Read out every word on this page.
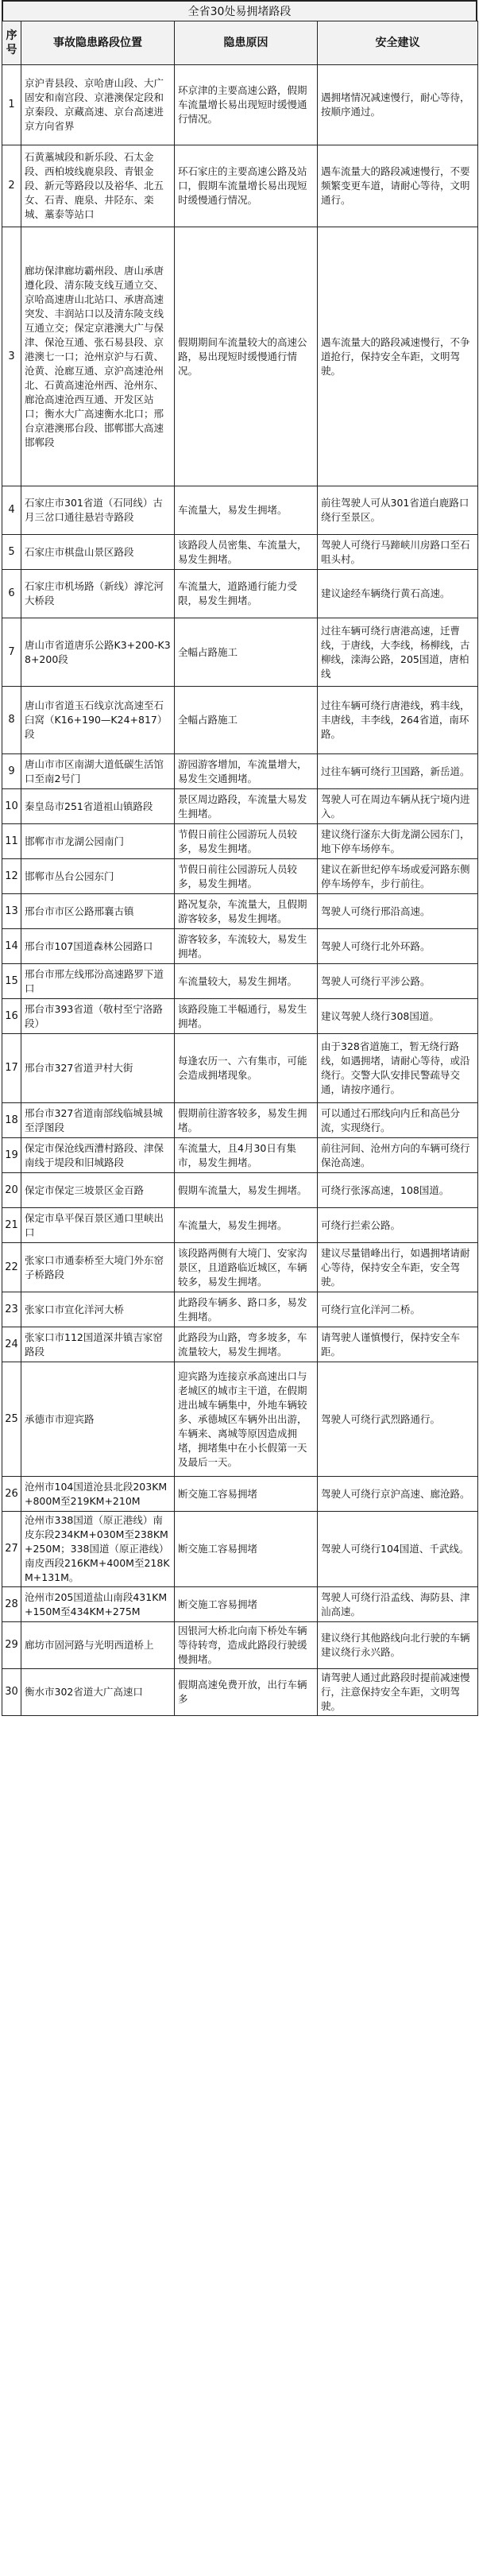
全省30处易拥堵路段
序号	事故隐患路段位置	隐患原因	安全建议
1	京沪青县段、京哈唐山段、大广固安和南宫段、京港澳保定段和京秦段、京藏高速、京台高速进京方向省界	环京津的主要高速公路，假期车流量增长易出现短时缓慢通行情况。	遇拥堵情况减速慢行，耐心等待，按顺序通过。
2	石黄藁城段和新乐段、石太金段、西柏坡线鹿泉段、青银金段、新元等路段以及裕华、北五女、石青、鹿泉、井陉东、栾城、藁泰等站口	环石家庄的主要高速公路及站口，假期车流量增长易出现短时缓慢通行情况。	遇车流量大的路段减速慢行，不要频繁变更车道，请耐心等待，文明通行。
3	廊坊保津廊坊霸州段、唐山承唐遵化段、清东陵支线互通立交、京哈高速唐山北站口、承唐高速突发、丰润站口以及清东陵支线互通立交；保定京港澳大广与保津、保沧互通、张石易县段、京港澳七一口；沧州京沪与石黄、沧黄、沧廊互通、京沪高速沧州北、石黄高速沧州西、沧州东、廊沧高速沧西互通、开发区站口；衡水大广高速衡水北口；邢台京港澳邢台段、邯郸邯大高速邯郸段	假期期间车流量较大的高速公路，易出现短时缓慢通行情况。	遇车流量大的路段减速慢行，不争道抢行，保持安全车距，文明驾驶。
4	石家庄市301省道（石同线）古月三岔口通往悬岩寺路段	车流量大，易发生拥堵。	前往驾驶人可从301省道白鹿路口绕行至景区。
5	石家庄市棋盘山景区路段	该路段人员密集、车流量大，易发生拥堵。	驾驶人可绕行马蹄峡川房路口至石咀头村。
6	石家庄市机场路（新线）滹沱河大桥段	车流量大，道路通行能力受限，易发生拥堵。	建议途经车辆绕行黄石高速。
7	唐山市省道唐乐公路K3+200-K38+200段	全幅占路施工	过往车辆可绕行唐港高速，迁曹线，于唐线，大李线，杨柳线，古柳线，滦海公路，205国道，唐柏线
8	唐山市省道玉石线京沈高速至石臼窝（K16+190—K24+817）段	全幅占路施工	过往车辆可绕行唐港线，鸦丰线，丰唐线，丰李线，264省道，南环路。
9	唐山市市区南湖大道低碳生活馆口至南2号门	游园游客增加，车流量增大，易发生交通拥堵。	过往车辆可绕行卫国路，新岳道。
10	秦皇岛市251省道祖山镇路段	景区周边路段，车流量大易发生拥堵。	驾驶人可在周边车辆从抚宁境内进入。
11	邯郸市市龙湖公园南门	节假日前往公园游玩人员较多，易发生拥堵。	建议绕行滏东大街龙湖公园东门，地下停车场停车。
12	邯郸市丛台公园东门	节假日前往公园游玩人员较多，易发生拥堵。	建议在新世纪停车场或爱河路东侧停车场停车，步行前往。
13	邢台市市区公路邢襄古镇	路况复杂，车流量大，且假期游客较多，易发生拥堵。	驾驶人可绕行邢沿高速。
14	邢台市107国道森林公园路口	游客较多，车流较大，易发生拥堵。	驾驶人可绕行北外环路。
15	邢台市邢左线邢汾高速路罗下道口	车流量较大，易发生拥堵。	驾驶人可绕行平涉公路。
16	邢台市393省道（敬村至宁洛路段）	该路段施工半幅通行，易发生拥堵。	建议驾驶人绕行308国道。
17	邢台市327省道尹村大街	每逢农历一、六有集市，可能会造成拥堵现象。	由于328省道施工，暂无绕行路线，如遇拥堵，请耐心等待，或沿绕行。交警大队安排民警疏导交通，请按序通行。
18	邢台市327省道南部线临城县城至浮图段	假期前往游客较多，易发生拥堵。	可以通过石邢线向内丘和高邑分流，实现绕行。
19	保定市保沧线西漕村路段、津保南线于堤段和旧城路段	车流量大，且4月30日有集市，易发生拥堵。	前往河间、沧州方向的车辆可绕行保沧高速。
20	保定市保定三坡景区金百路	假期车流量大，易发生拥堵。	可绕行张涿高速，108国道。
21	保定市阜平保百景区通口里峡出口	车流量大，易发生拥堵。	可绕行拦索公路。
22	张家口市通泰桥至大境门外东窑子桥路段	该段路两侧有大境门、安家沟景区，且道路临近城区，车辆较多，易发生拥堵。	建议尽量错峰出行，如遇拥堵请耐心等待，保持安全车距，安全驾驶。
23	张家口市宣化洋河大桥	此路段车辆多、路口多，易发生拥堵。	可绕行宣化洋河二桥。
24	张家口市112国道深井镇吉家窑路段	此路段为山路，弯多坡多，车流量较大，易发生拥堵。	请驾驶人谨慎慢行，保持安全车距。
25	承德市市迎宾路	迎宾路为连接京承高速出口与老城区的城市主干道，在假期进出城车辆集中，外地车辆较多、承德城区车辆外出出游，车辆来、离城等原因造成拥堵，拥堵集中在小长假第一天及最后一天。	驾驶人可绕行武烈路通行。
26	沧州市104国道沧县北段203KM+800M至219KM+210M	断交施工容易拥堵	驾驶人可绕行京沪高速、廊沧路。
27	沧州市338国道（原正港线）南皮东段234KM+030M至238KM+250M；338国道（原正港线）南皮西段216KM+400M至218KM+131M。	断交施工容易拥堵	驾驶人可绕行104国道、千武线。
28	沧州市205国道盐山南段431KM+150M至434KM+275M	断交施工容易拥堵	驾驶人可绕行沿孟线、海防县、津汕高速。
29	廊坊市固河路与光明西道桥上	因银河大桥北向南下桥处车辆等待转弯，造成此路段行驶缓慢拥堵。	建议绕行其他路线向北行驶的车辆建议绕行永兴路。
30	衡水市302省道大广高速口	假期高速免费开放，出行车辆多	请驾驶人通过此路段时提前减速慢行，注意保持安全车距，文明驾驶。
